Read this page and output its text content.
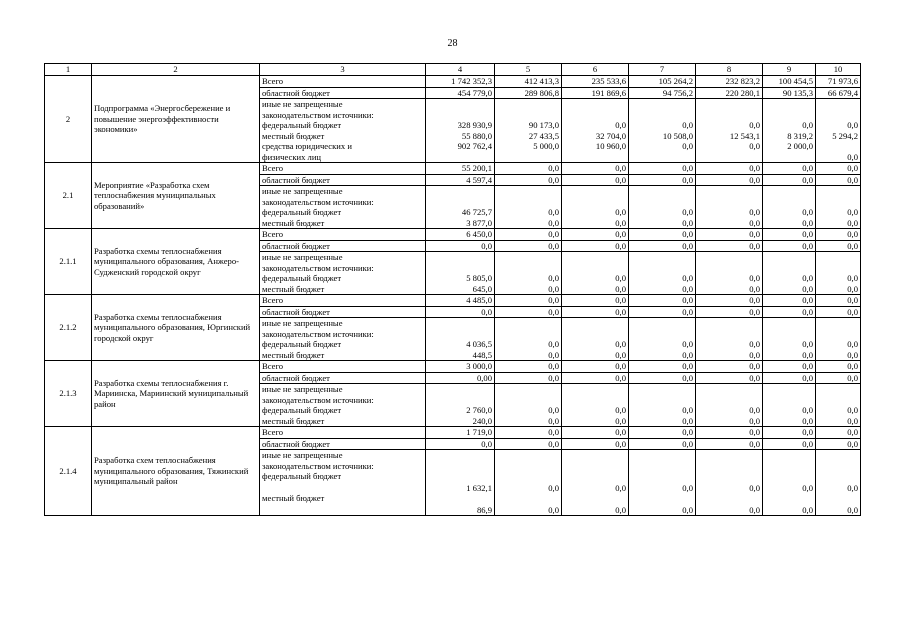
28
1	2	3	4	5	6	7	8	9	10
2	Подпрограмма «Энергосбережение и повышение энергоэффективности экономики»	Всего	1 742 352,3	412 413,3	235 533,6	105 264,2	232 823,2	100 454,5	71 973,6
		областной бюджет	454 779,0	289 806,8	191 869,6	94 756,2	220 280,1	90 135,3	66 679,4
		иные не запрещенные							
		законодательством источники:							
		федеральный бюджет	328 930,9	90 173,0	0,0	0,0	0,0	0,0	0,0
		местный бюджет	55 880,0	27 433,5	32 704,0	10 508,0	12 543,1	8 319,2	5 294,2
		средства юридических и	902 762,4	5 000,0	10 960,0	0,0	0,0	2 000,0	
		физических лиц							0,0
2.1	Мероприятие «Разработка схем теплоснабжения муниципальных образований»	Всего	55 200,1	0,0	0,0	0,0	0,0	0,0	0,0
		областной бюджет	4 597,4	0,0	0,0	0,0	0,0	0,0	0,0
		иные не запрещенные							
		законодательством источники:							
		федеральный бюджет	46 725,7	0,0	0,0	0,0	0,0	0,0	0,0
		местный бюджет	3 877,0	0,0	0,0	0,0	0,0	0,0	0,0
2.1.1	Разработка схемы теплоснабжения муниципального образования, Анжеро-Судженский городской округ	Всего	6 450,0	0,0	0,0	0,0	0,0	0,0	0,0
		областной бюджет	0,0	0,0	0,0	0,0	0,0	0,0	0,0
		иные не запрещенные							
		законодательством источники:							
		федеральный бюджет	5 805,0	0,0	0,0	0,0	0,0	0,0	0,0
		местный бюджет	645,0	0,0	0,0	0,0	0,0	0,0	0,0
2.1.2	Разработка схемы теплоснабжения муниципального образования, Юргинский городской округ	Всего	4 485,0	0,0	0,0	0,0	0,0	0,0	0,0
		областной бюджет	0,0	0,0	0,0	0,0	0,0	0,0	0,0
		иные не запрещенные							
		законодательством источники:							
		федеральный бюджет	4 036,5	0,0	0,0	0,0	0,0	0,0	0,0
		местный бюджет	448,5	0,0	0,0	0,0	0,0	0,0	0,0
2.1.3	Разработка схемы теплоснабжения г. Мариинска, Мариинский муниципальный район	Всего	3 000,0	0,0	0,0	0,0	0,0	0,0	0,0
		областной бюджет	0,00	0,0	0,0	0,0	0,0	0,0	0,0
		иные не запрещенные							
		законодательством источники:							
		федеральный бюджет	2 760,0	0,0	0,0	0,0	0,0	0,0	0,0
		местный бюджет	240,0	0,0	0,0	0,0	0,0	0,0	0,0
2.1.4	Разработка схем теплоснабжения муниципального образования, Тяжинский муниципальный район	Всего	1 719,0	0,0	0,0	0,0	0,0	0,0	0,0
		областной бюджет	0,0	0,0	0,0	0,0	0,0	0,0	0,0
		иные не запрещенные							
		законодательством источники:							
		федеральный бюджет	1 632,1	0,0	0,0	0,0	0,0	0,0	0,0
		местный бюджет	86,9	0,0	0,0	0,0	0,0	0,0	0,0
